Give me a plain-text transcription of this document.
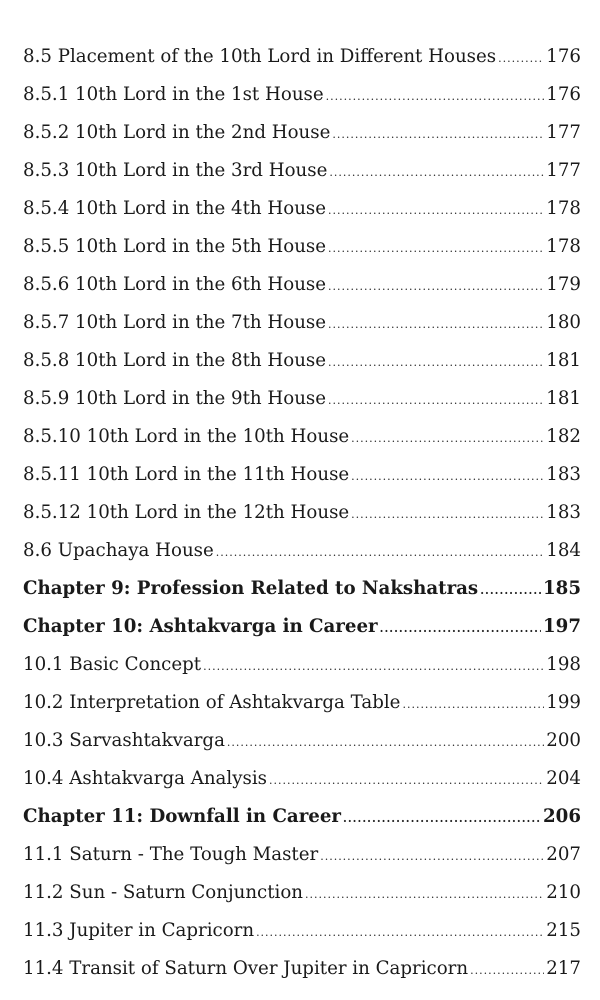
8.5 Placement of the 10th Lord in Different Houses .....	176
8.5.1 10th Lord in the 1st House .....	176
8.5.2 10th Lord in the 2nd House .....	177
8.5.3 10th Lord in the 3rd House .....	177
8.5.4 10th Lord in the 4th House .....	178
8.5.5 10th Lord in the 5th House .....	178
8.5.6 10th Lord in the 6th House .....	179
8.5.7 10th Lord in the 7th House .....	180
8.5.8 10th Lord in the 8th House .....	181
8.5.9 10th Lord in the 9th House .....	181
8.5.10 10th Lord in the 10th House .....	182
8.5.11 10th Lord in the 11th House .....	183
8.5.12 10th Lord in the 12th House .....	183
8.6 Upachaya House .....	184
Chapter 9: Profession Related to Nakshatras .....	185
Chapter 10: Ashtakvarga in Career .....	197
10.1 Basic Concept .....	198
10.2 Interpretation of Ashtakvarga Table .....	199
10.3 Sarvashtakvarga .....	200
10.4 Ashtakvarga Analysis .....	204
Chapter 11: Downfall in Career .....	206
11.1 Saturn - The Tough Master .....	207
11.2 Sun - Saturn Conjunction .....	210
11.3 Jupiter in Capricorn .....	215
11.4 Transit of Saturn Over Jupiter in Capricorn .....	217
